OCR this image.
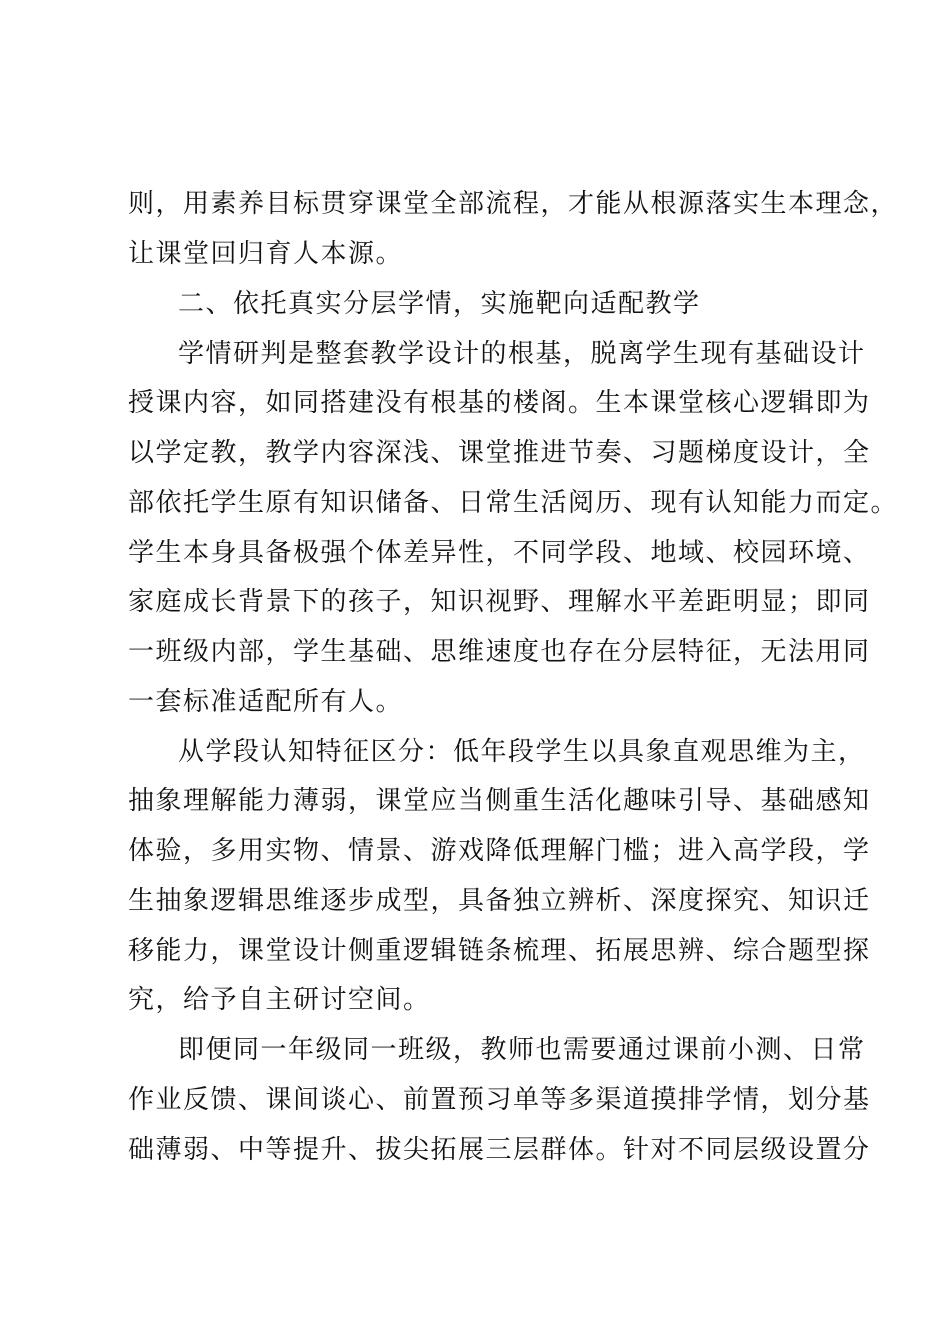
则，用素养目标贯穿课堂全部流程，才能从根源落实生本理念，
让课堂回归育人本源。
二、依托真实分层学情，实施靶向适配教学
学情研判是整套教学设计的根基，脱离学生现有基础设计
授课内容，如同搭建没有根基的楼阁。生本课堂核心逻辑即为
以学定教，教学内容深浅、课堂推进节奏、习题梯度设计，全
部依托学生原有知识储备、日常生活阅历、现有认知能力而定。
学生本身具备极强个体差异性，不同学段、地域、校园环境、
家庭成长背景下的孩子，知识视野、理解水平差距明显；即同
一班级内部，学生基础、思维速度也存在分层特征，无法用同
一套标准适配所有人。
从学段认知特征区分：低年段学生以具象直观思维为主，
抽象理解能力薄弱，课堂应当侧重生活化趣味引导、基础感知
体验，多用实物、情景、游戏降低理解门槛；进入高学段，学
生抽象逻辑思维逐步成型，具备独立辨析、深度探究、知识迁
移能力，课堂设计侧重逻辑链条梳理、拓展思辨、综合题型探
究，给予自主研讨空间。
即便同一年级同一班级，教师也需要通过课前小测、日常
作业反馈、课间谈心、前置预习单等多渠道摸排学情，划分基
础薄弱、中等提升、拔尖拓展三层群体。针对不同层级设置分
